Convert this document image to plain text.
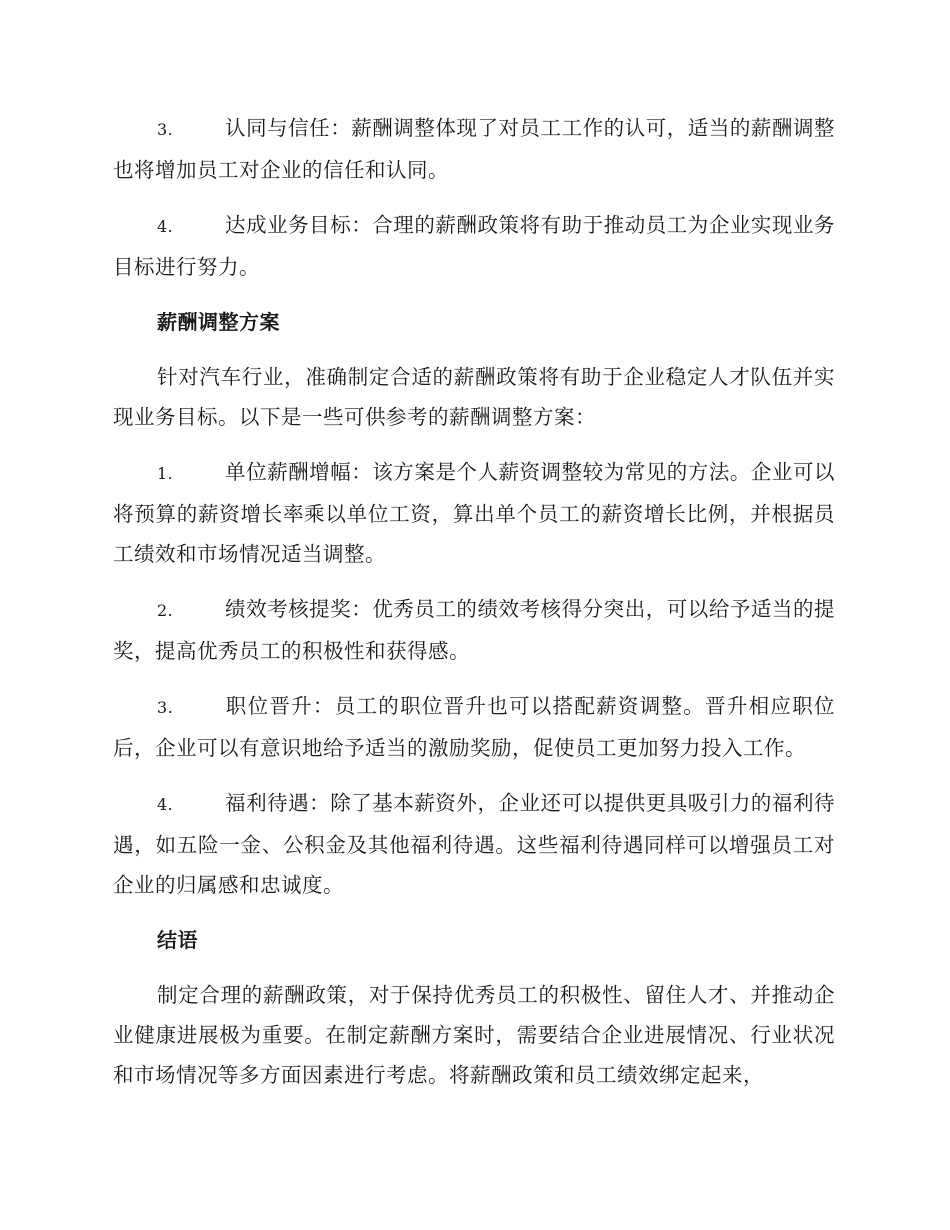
3.	认同与信任：薪酬调整体现了对员工工作的认可，适当的薪酬调整也将增加员工对企业的信任和认同。

4.	达成业务目标：合理的薪酬政策将有助于推动员工为企业实现业务目标进行努力。

薪酬调整方案

针对汽车行业，准确制定合适的薪酬政策将有助于企业稳定人才队伍并实现业务目标。以下是一些可供参考的薪酬调整方案：

1.	单位薪酬增幅：该方案是个人薪资调整较为常见的方法。企业可以将预算的薪资增长率乘以单位工资，算出单个员工的薪资增长比例，并根据员工绩效和市场情况适当调整。

2.	绩效考核提奖：优秀员工的绩效考核得分突出，可以给予适当的提奖，提高优秀员工的积极性和获得感。

3.	职位晋升：员工的职位晋升也可以搭配薪资调整。晋升相应职位后，企业可以有意识地给予适当的激励奖励，促使员工更加努力投入工作。

4.	福利待遇：除了基本薪资外，企业还可以提供更具吸引力的福利待遇，如五险一金、公积金及其他福利待遇。这些福利待遇同样可以增强员工对企业的归属感和忠诚度。

结语

制定合理的薪酬政策，对于保持优秀员工的积极性、留住人才、并推动企业健康进展极为重要。在制定薪酬方案时，需要结合企业进展情况、行业状况和市场情况等多方面因素进行考虑。将薪酬政策和员工绩效绑定起来，
